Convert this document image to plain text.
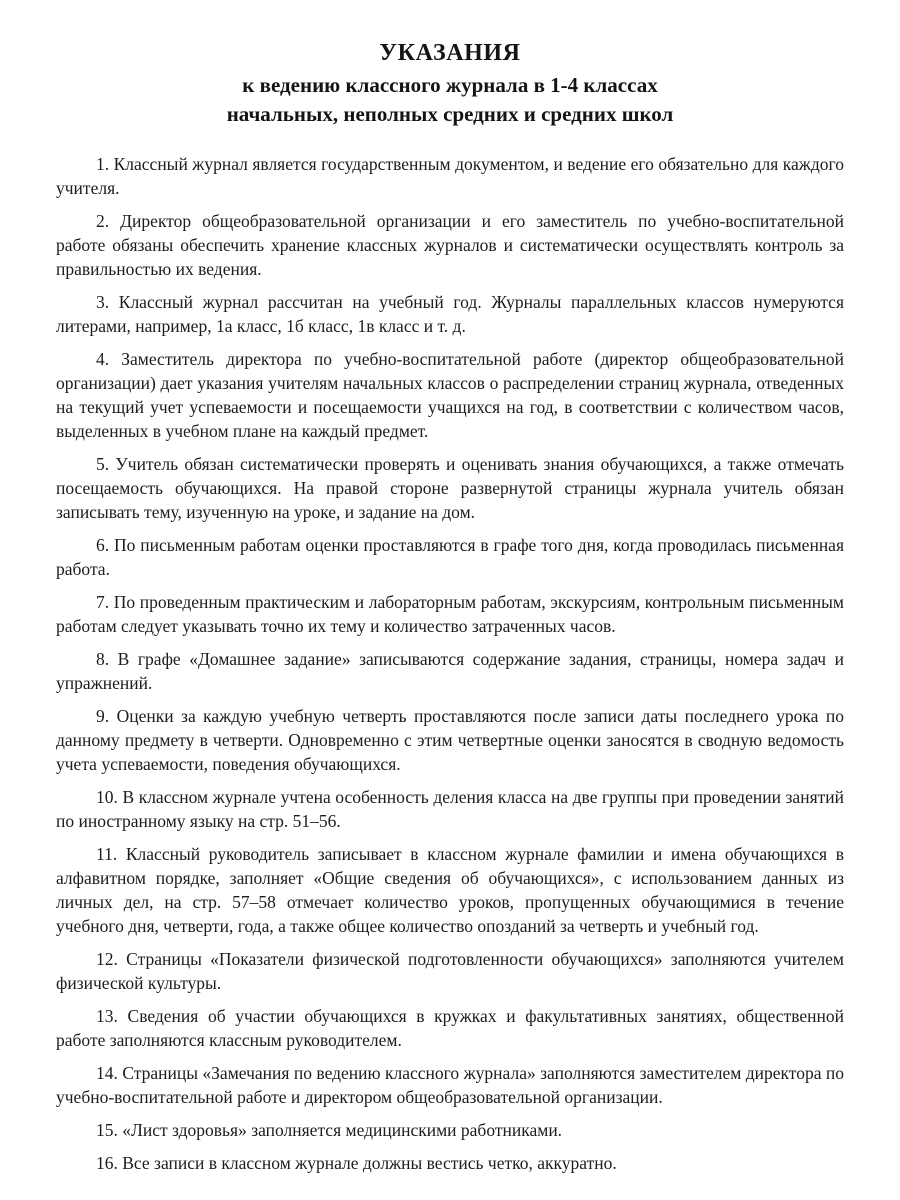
УКАЗАНИЯ
к ведению классного журнала в 1-4 классах
начальных, неполных средних и средних школ

1. Классный журнал является государственным документом, и ведение его обязательно для каждого учителя.

2. Директор общеобразовательной организации и его заместитель по учебно-воспитательной работе обязаны обеспечить хранение классных журналов и систематически осуществлять контроль за правильностью их ведения.

3. Классный журнал рассчитан на учебный год. Журналы параллельных классов нумеруются литерами, например, 1а класс, 1б класс, 1в класс и т. д.

4. Заместитель директора по учебно-воспитательной работе (директор общеобразовательной организации) дает указания учителям начальных классов о распределении страниц журнала, отведенных на текущий учет успеваемости и посещаемости учащихся на год, в соответствии с количеством часов, выделенных в учебном плане на каждый предмет.

5. Учитель обязан систематически проверять и оценивать знания обучающихся, а также отмечать посещаемость обучающихся. На правой стороне развернутой страницы журнала учитель обязан записывать тему, изученную на уроке, и задание на дом.

6. По письменным работам оценки проставляются в графе того дня, когда проводилась письменная работа.

7. По проведенным практическим и лабораторным работам, экскурсиям, контрольным письменным работам следует указывать точно их тему и количество затраченных часов.

8. В графе «Домашнее задание» записываются содержание задания, страницы, номера задач и упражнений.

9. Оценки за каждую учебную четверть проставляются после записи даты последнего урока по данному предмету в четверти. Одновременно с этим четвертные оценки заносятся в сводную ведомость учета успеваемости, поведения обучающихся.

10. В классном журнале учтена особенность деления класса на две группы при проведении занятий по иностранному языку на стр. 51–56.

11. Классный руководитель записывает в классном журнале фамилии и имена обучающихся в алфавитном порядке, заполняет «Общие сведения об обучающихся», с использованием данных из личных дел, на стр. 57–58 отмечает количество уроков, пропущенных обучающимися в течение учебного дня, четверти, года, а также общее количество опозданий за четверть и учебный год.

12. Страницы «Показатели физической подготовленности обучающихся» заполняются учителем физической культуры.

13. Сведения об участии обучающихся в кружках и факультативных занятиях, общественной работе заполняются классным руководителем.

14. Страницы «Замечания по ведению классного журнала» заполняются заместителем директора по учебно-воспитательной работе и директором общеобразовательной организации.

15. «Лист здоровья» заполняется медицинскими работниками.

16. Все записи в классном журнале должны вестись четко, аккуратно.
